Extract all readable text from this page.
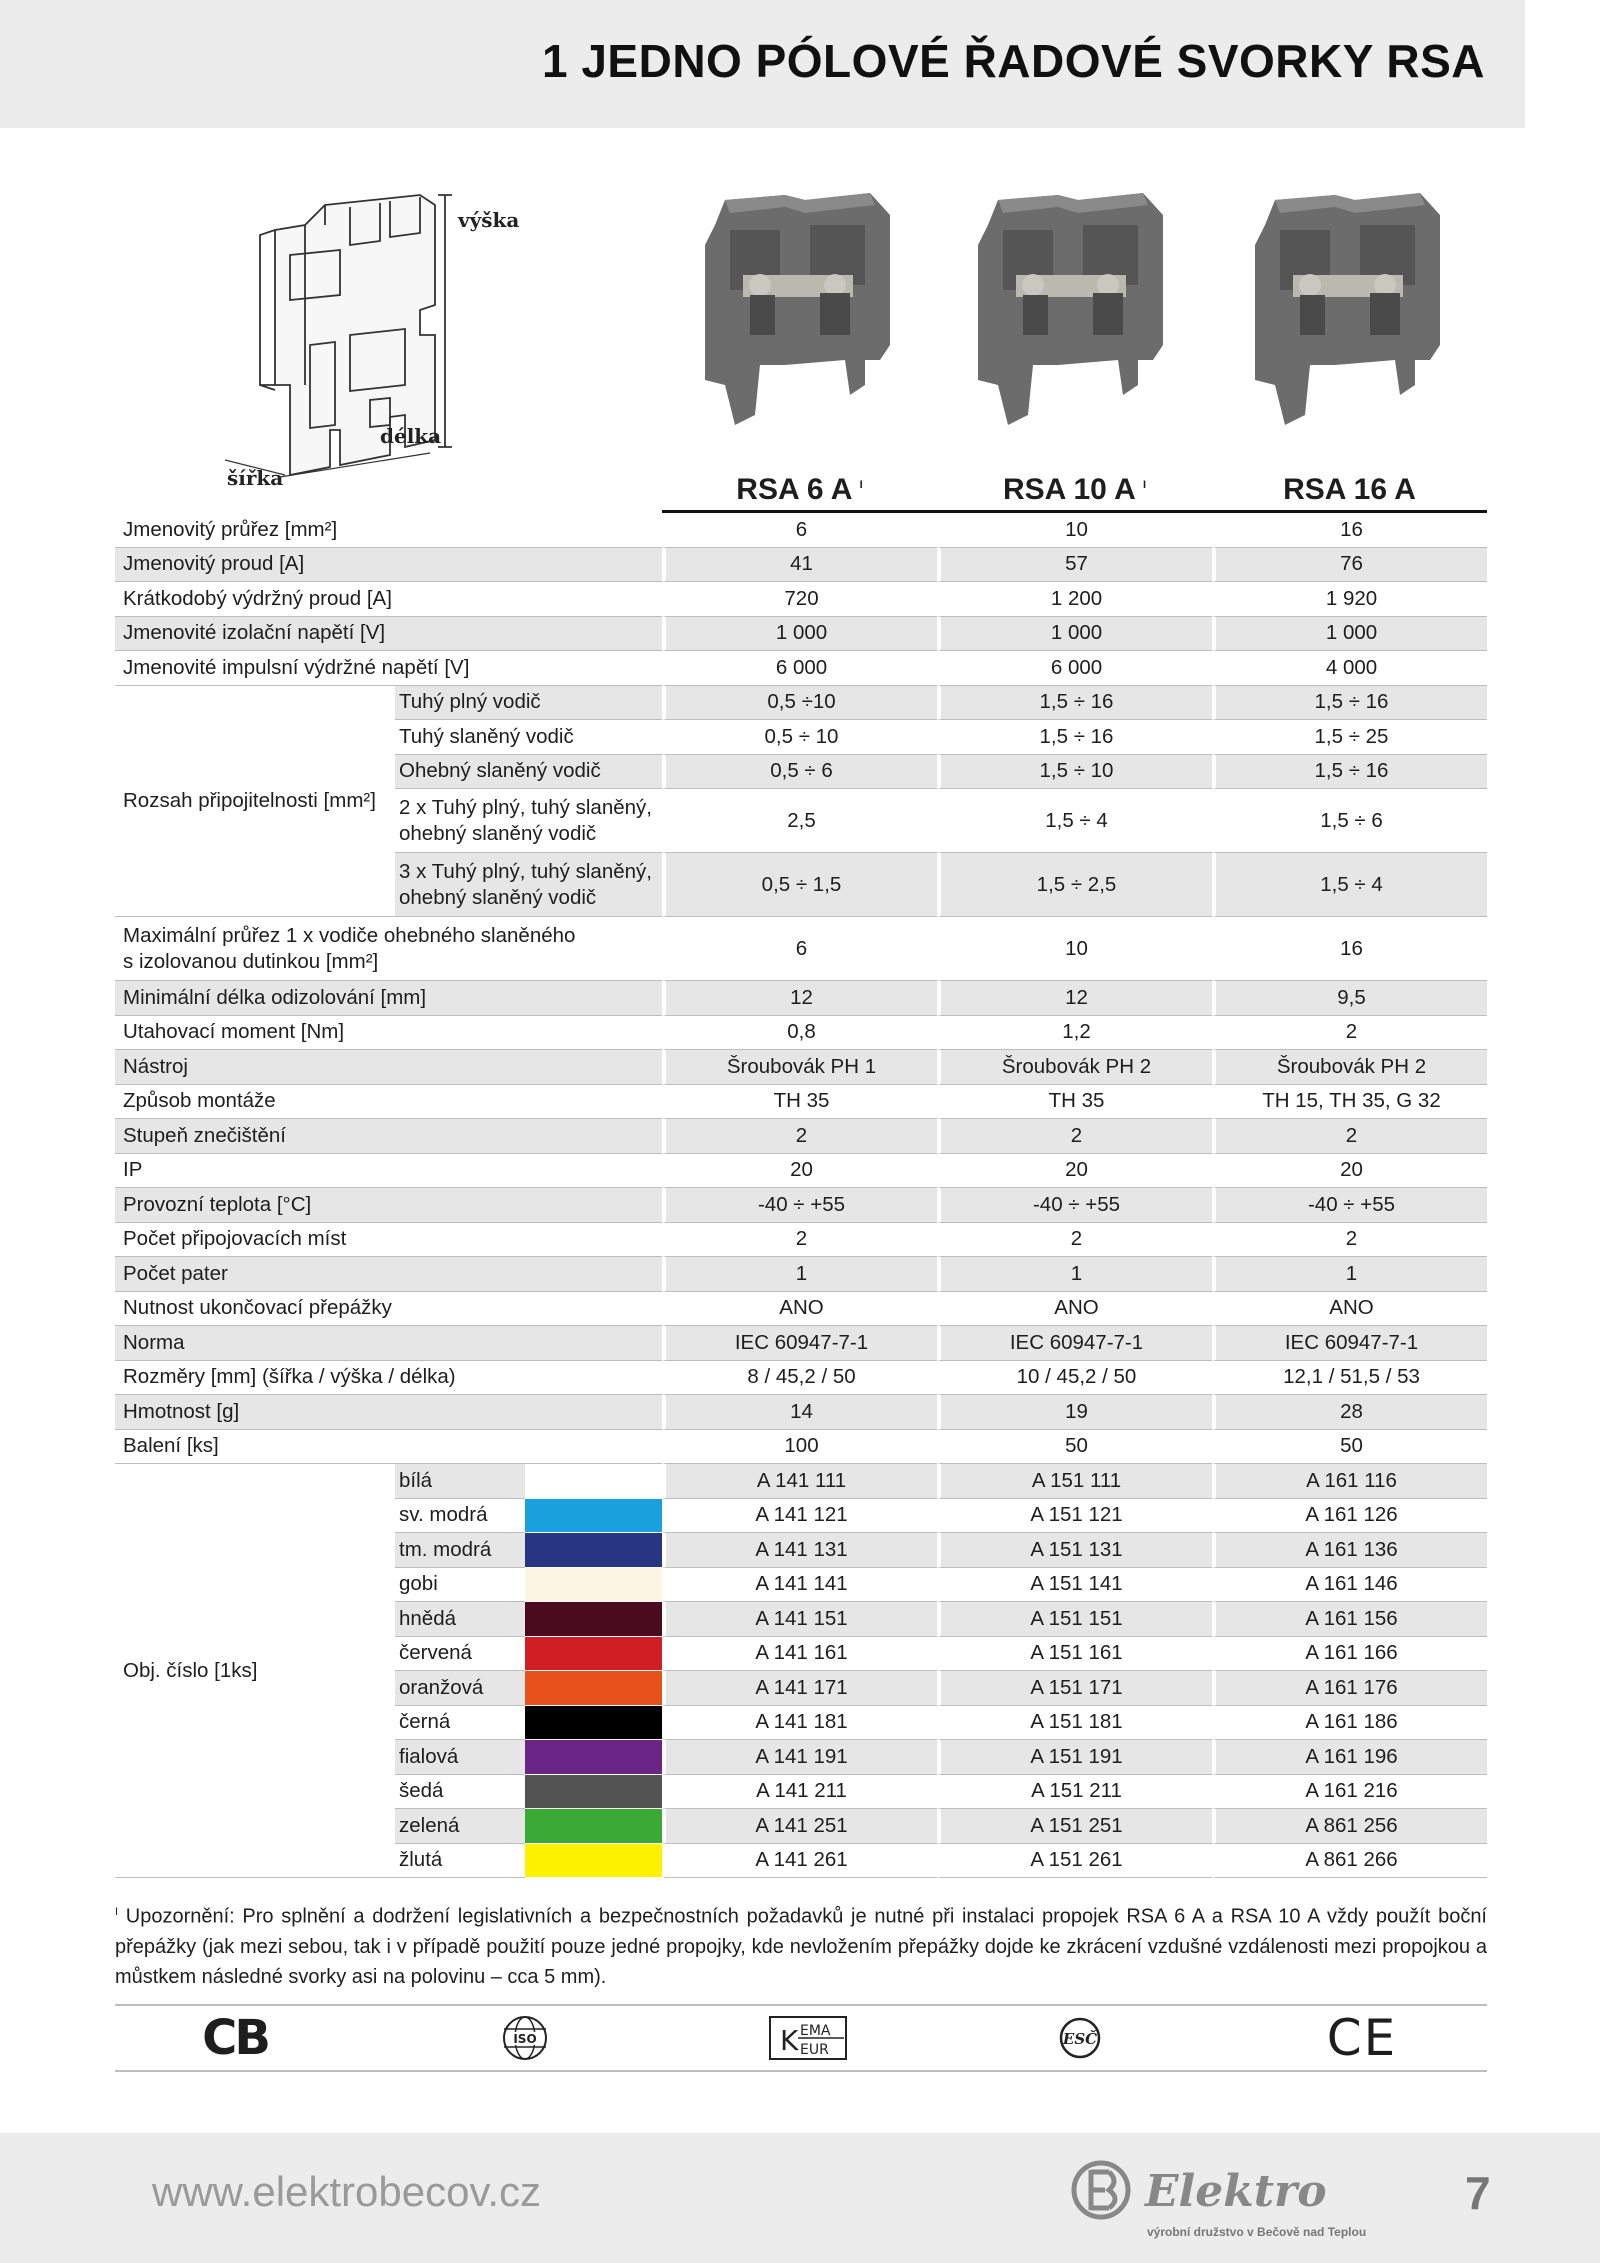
1 JEDNO PÓLOVÉ ŘADOVÉ SVORKY RSA
výška
šířka
délka
			RSA 6 A $^I$	RSA 10 A $^I$	RSA 16 A
Jmenovitý průřez [mm²]			6	10	16
Jmenovitý proud [A]			41	57	76
Krátkodobý výdržný proud [A]			720	1 200	1 920
Jmenovité izolační napětí [V]			1 000	1 000	1 000
Jmenovité impulsní výdržné napětí [V]			6 000	6 000	4 000
Rozsah připojitelnosti [mm²]	Tuhý plný vodič		0,5 ÷10	1,5 ÷ 16	1,5 ÷ 16
	Tuhý slaněný vodič		0,5 ÷ 10	1,5 ÷ 16	1,5 ÷ 25
	Ohebný slaněný vodič		0,5 ÷ 6	1,5 ÷ 10	1,5 ÷ 16

	2 x Tuhý plný, tuhý slaněný,
ohebný slaněný vodič		2,5	1,5 ÷ 4	1,5 ÷ 6

	3 x Tuhý plný, tuhý slaněný,
ohebný slaněný vodič		0,5 ÷ 1,5	1,5 ÷ 2,5	1,5 ÷ 4

Maximální průřez 1 x vodiče ohebného slaněného
s izolovanou dutinkou [mm²]			6	10	16
Minimální délka odizolování [mm]			12	12	9,5
Utahovací moment [Nm]			0,8	1,2	2
Nástroj			Šroubovák PH 1	Šroubovák PH 2	Šroubovák PH 2
Způsob montáže			TH 35	TH 35	TH 15, TH 35, G 32
Stupeň znečištění			2	2	2
IP			20	20	20
Provozní teplota [°C]			-40 ÷ +55	-40 ÷ +55	-40 ÷ +55
Počet připojovacích míst			2	2	2
Počet pater			1	1	1
Nutnost ukončovací přepážky			ANO	ANO	ANO
Norma			IEC 60947-7-1	IEC 60947-7-1	IEC 60947-7-1
Rozměry [mm] (šířka / výška / délka)			8 / 45,2 / 50	10 / 45,2 / 50	12,1 / 51,5 / 53
Hmotnost [g]			14	19	28
Balení [ks]			100	50	50
Obj. číslo [1ks]	bílá		A 141 111	A 151 111	A 161 116
	sv. modrá		A 141 121	A 151 121	A 161 126
	tm. modrá		A 141 131	A 151 131	A 161 136
	gobi		A 141 141	A 151 141	A 161 146
	hnědá		A 141 151	A 151 151	A 161 156
	červená		A 141 161	A 151 161	A 161 166
	oranžová		A 141 171	A 151 171	A 161 176
	černá		A 141 181	A 151 181	A 161 186
	fialová		A 141 191	A 151 191	A 161 196
	šedá		A 141 211	A 151 211	A 161 216
	zelená		A 141 251	A 151 251	A 861 256
	žlutá		A 141 261	A 151 261	A 861 266
$^I$ Upozornění: Pro splnění a dodržení legislativních a bezpečnostních požadavků je nutné při instalaci propojek RSA 6 A a RSA 10 A vždy použít boční přepážky (jak mezi sebou, tak i v případě použití pouze jedné propojky, kde nevložením přepážky dojde ke zkrácení vzdušné vzdálenosti mezi propojkou a můstkem následné svorky asi na polovinu – cca 5 mm).
CB	ISO	K EMA
EUR
ESČ	CE
www.elektrobecov.cz	Elektro
výrobní družstvo v Bečově nad Teplou
7
